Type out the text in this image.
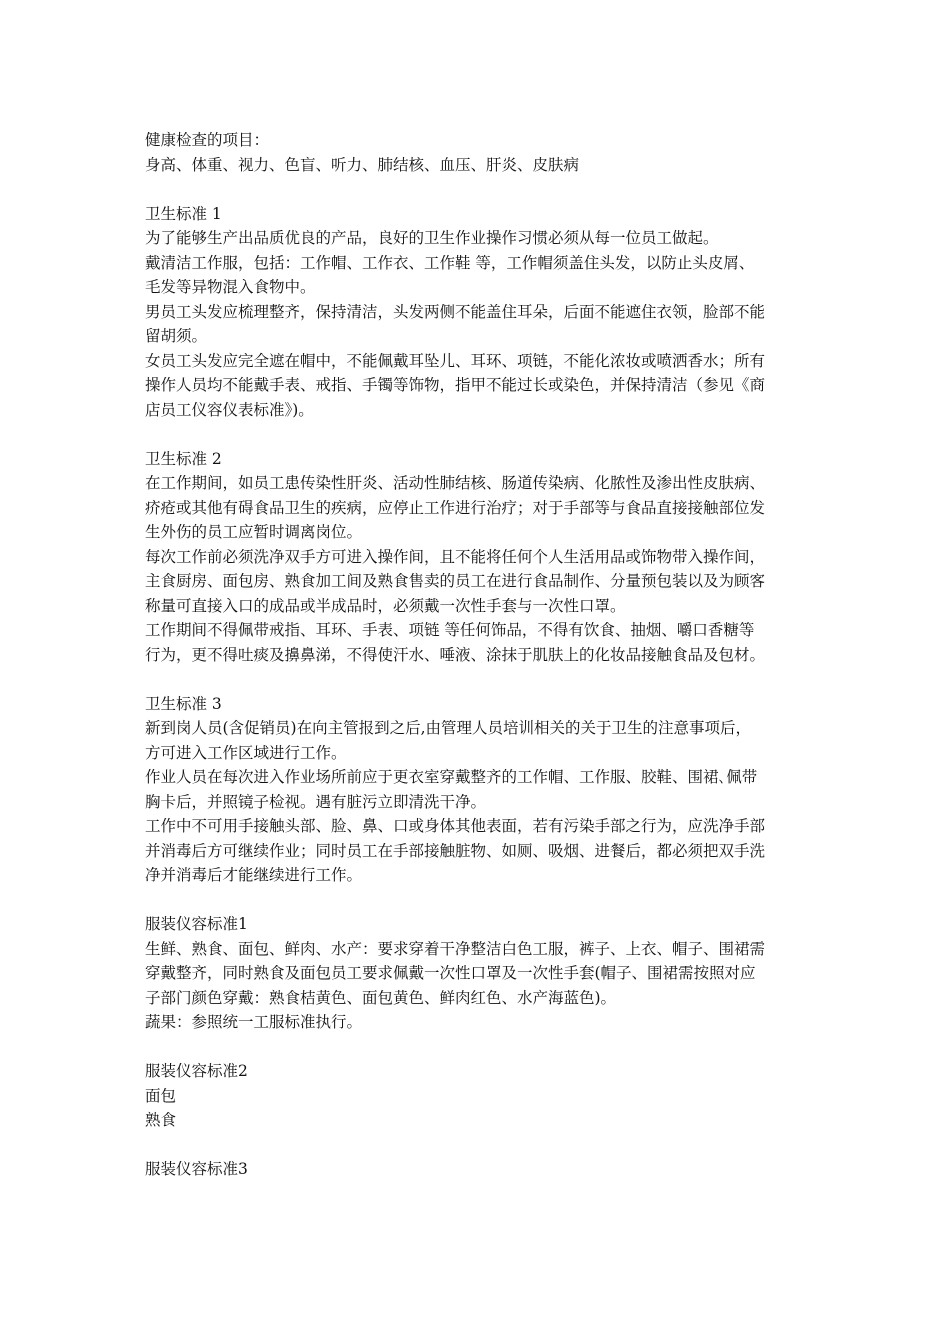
健康检查的项目：
身高、体重、视力、色盲、听力、肺结核、血压、肝炎、皮肤病
卫生标准 1
为了能够生产出品质优良的产品，良好的卫生作业操作习惯必须从每一位员工做起。
戴清洁工作服，包括：工作帽、工作衣、工作鞋 等，工作帽须盖住头发，以防止头皮屑、
毛发等异物混入食物中。
男员工头发应梳理整齐，保持清洁，头发两侧不能盖住耳朵，后面不能遮住衣领，脸部不能
留胡须。
女员工头发应完全遮在帽中，不能佩戴耳坠儿、耳环、项链，不能化浓妆或喷洒香水；所有
操作人员均不能戴手表、戒指、手镯等饰物，指甲不能过长或染色，并保持清洁（参见《商
店员工仪容仪表标准》)。
卫生标准 2
在工作期间，如员工患传染性肝炎、活动性肺结核、肠道传染病、化脓性及渗出性皮肤病、
疥疮或其他有碍食品卫生的疾病，应停止工作进行治疗；对于手部等与食品直接接触部位发
生外伤的员工应暂时调离岗位。
每次工作前必须洗净双手方可进入操作间，且不能将任何个人生活用品或饰物带入操作间，
主食厨房、面包房、熟食加工间及熟食售卖的员工在进行食品制作、分量预包装以及为顾客
称量可直接入口的成品或半成品时，必须戴一次性手套与一次性口罩。
工作期间不得佩带戒指、耳环、手表、项链 等任何饰品，不得有饮食、抽烟、嚼口香糖等
行为，更不得吐痰及擤鼻涕，不得使汗水、唾液、涂抹于肌肤上的化妆品接触食品及包材。
卫生标准 3
新到岗人员(含促销员)在向主管报到之后,由管理人员培训相关的关于卫生的注意事项后，
方可进入工作区域进行工作。
作业人员在每次进入作业场所前应于更衣室穿戴整齐的工作帽、工作服、胶鞋、围裙､佩带
胸卡后，并照镜子检视。遇有脏污立即清洗干净。
工作中不可用手接触头部、脸、鼻、口或身体其他表面，若有污染手部之行为，应洗净手部
并消毒后方可继续作业；同时员工在手部接触脏物、如厕、吸烟、进餐后，都必须把双手洗
净并消毒后才能继续进行工作。
服装仪容标准1
生鲜、熟食、面包、鲜肉、水产：要求穿着干净整洁白色工服，裤子、上衣、帽子、围裙需
穿戴整齐，同时熟食及面包员工要求佩戴一次性口罩及一次性手套(帽子、围裙需按照对应
子部门颜色穿戴：熟食桔黄色、面包黄色、鲜肉红色、水产海蓝色)。
蔬果：参照统一工服标准执行。
服装仪容标准2
面包
熟食
服装仪容标准3
